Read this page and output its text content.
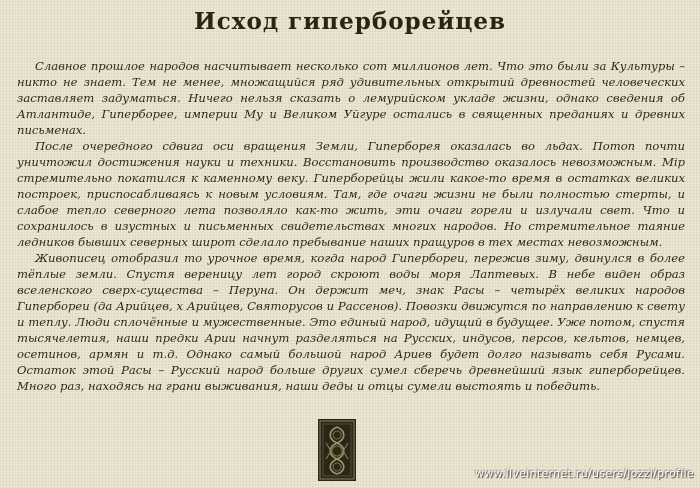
Исход гиперборейцев

Славное прошлое народов насчитывает несколько сот миллионов лет. Что это были за Культуры – никто не знает. Тем не менее, множащийся ряд удивительных открытий древностей человеческих заставляет задуматься. Ничего нельзя сказать о лемурийском укладе жизни, однако сведения об Атлантиде, Гиперборее, империи Му и Великом Уйгуре остались в священных преданиях и древних письменах.

После очередного сдвига оси вращения Земли, Гиперборея оказалась во льдах. Потоп почти уничтожил достижения науки и техники. Восстановить производство оказалось невозможным. Мір стремительно покатился к каменному веку. Гиперборейцы жили какое-то время в остатках великих построек, приспосабливаясь к новым условиям. Там, где очаги жизни не были полностью стерты, и слабое тепло северного лета позволяло как-то жить, эти очаги горели и излучали свет. Что и сохранилось в изустных и письменных свидетельствах многих народов. Но стремительное таяние ледников бывших северных широт сделало пребывание наших пращуров в тех местах невозможным.

Живописец отобразил то урочное время, когда народ Гипербореи, пережив зиму, двинулся в более тёплые земли. Спустя вереницу лет город скроют воды моря Лаптевых. В небе виден образ вселенского сверх-существа – Перуна. Он держит меч, знак Расы – четырёх великих народов Гипербореи (да Арийцев, х Арийцев, Святорусов и Рассенов). Повозки движутся по направлению к свету и теплу. Люди сплочённые и мужественные. Это единый народ, идущий в будущее. Уже потом, спустя тысячелетия, наши предки Арии начнут разделяться на Русских, индусов, персов, кельтов, немцев, осетинов, армян и т.д. Однако самый большой народ Ариев будет долго называть себя Русами. Остаток этой Расы – Русский народ больше других сумел сберечь древнейший язык гиперборейцев. Много раз, находясь на грани выживания, наши деды и отцы сумели выстоять и победить.

www.liveinternet.ru/users/jozzi/profile
